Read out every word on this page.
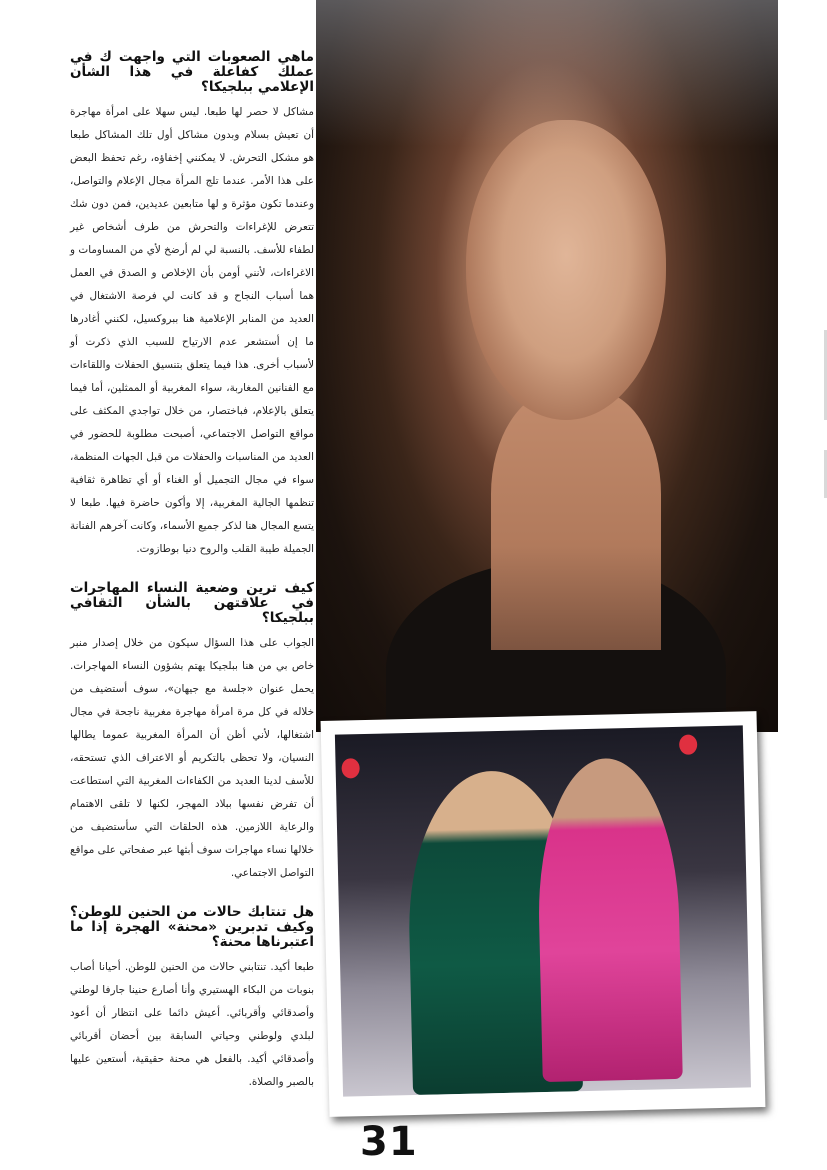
ماهي الصعوبات التي واجهت ك في عملك كفاعلة في هذا الشأن الإعلامي ببلجيكا؟

مشاكل لا حصر لها طبعا. ليس سهلا على امرأة مهاجرة أن تعيش بسلام وبدون مشاكل أول تلك المشاكل طبعا هو مشكل التحرش. لا يمكنني إخفاؤه، رغم تحفظ البعض على هذا الأمر. عندما تلج المرأة مجال الإعلام والتواصل، وعندما تكون مؤثرة و لها متابعين عديدين، فمن دون شك تتعرض للإغراءات والتحرش من طرف أشخاص غير لطفاء للأسف. بالنسبة لي لم أرضخ لأي من المساومات و الاغراءات، لأنني أومن بأن الإخلاص و الصدق في العمل هما أسباب النجاح و قد كانت لي فرصة الاشتغال في العديد من المنابر الإعلامية هنا ببروكسيل، لكنني أغادرها ما إن أستشعر عدم الارتياح للسبب الذي ذكرت أو لأسباب أخرى. هذا فيما يتعلق بتنسيق الحفلات واللقاءات مع الفنانين المغاربة، سواء المغربية أو الممثلين، أما فيما يتعلق بالإعلام، فباختصار، من خلال تواجدي المكثف على مواقع التواصل الاجتماعي، أصبحت مطلوبة للحضور في العديد من المناسبات والحفلات من قبل الجهات المنظمة، سواء في مجال التجميل أو الغناء أو أي تظاهرة ثقافية تنظمها الجالية المغربية، إلا وأكون حاضرة فيها. طبعا لا يتسع المجال هنا لذكر جميع الأسماء، وكانت آخرهم الفنانة الجميلة طيبة القلب والروح دنيا بوطازوت.

كيف ترين وضعية النساء المهاجرات في علاقتهن بالشأن الثقافي ببلجيكا؟

الجواب على هذا السؤال سيكون من خلال إصدار منبر خاص بي من هنا ببلجيكا يهتم بشؤون النساء المهاجرات. يحمل عنوان «جلسة مع جيهان»، سوف أستضيف من خلاله في كل مرة امرأة مهاجرة مغربية ناجحة في مجال اشتغالها، لأني أظن أن المرأة المغربية عموما يطالها النسيان، ولا تحظى بالتكريم أو الاعتراف الذي تستحقه، للأسف لدينا العديد من الكفاءات المغربية التي استطاعت أن تفرض نفسها ببلاد المهجر، لكنها لا تلقى الاهتمام والرعاية اللازمين. هذه الحلقات التي سأستضيف من خلالها نساء مهاجرات سوف أبثها عبر صفحاتي على مواقع التواصل الاجتماعي.

هل تنتابك حالات من الحنين للوطن؟ وكيف تدبرين «محنة» الهجرة إذا ما اعتبرناها محنة؟

طبعا أكيد. تنتابني حالات من الحنين للوطن. أحيانا أصاب بنوبات من البكاء الهستيري وأنا أصارع حنينا جارفا لوطني وأصدقائي وأقربائي. أعيش دائما على انتظار أن أعود لبلدي ولوطني وحياتي السابقة بين أحضان أقربائي وأصدقائي أكيد. بالفعل هي محنة حقيقية، أستعين عليها بالصبر والصلاة.

31
